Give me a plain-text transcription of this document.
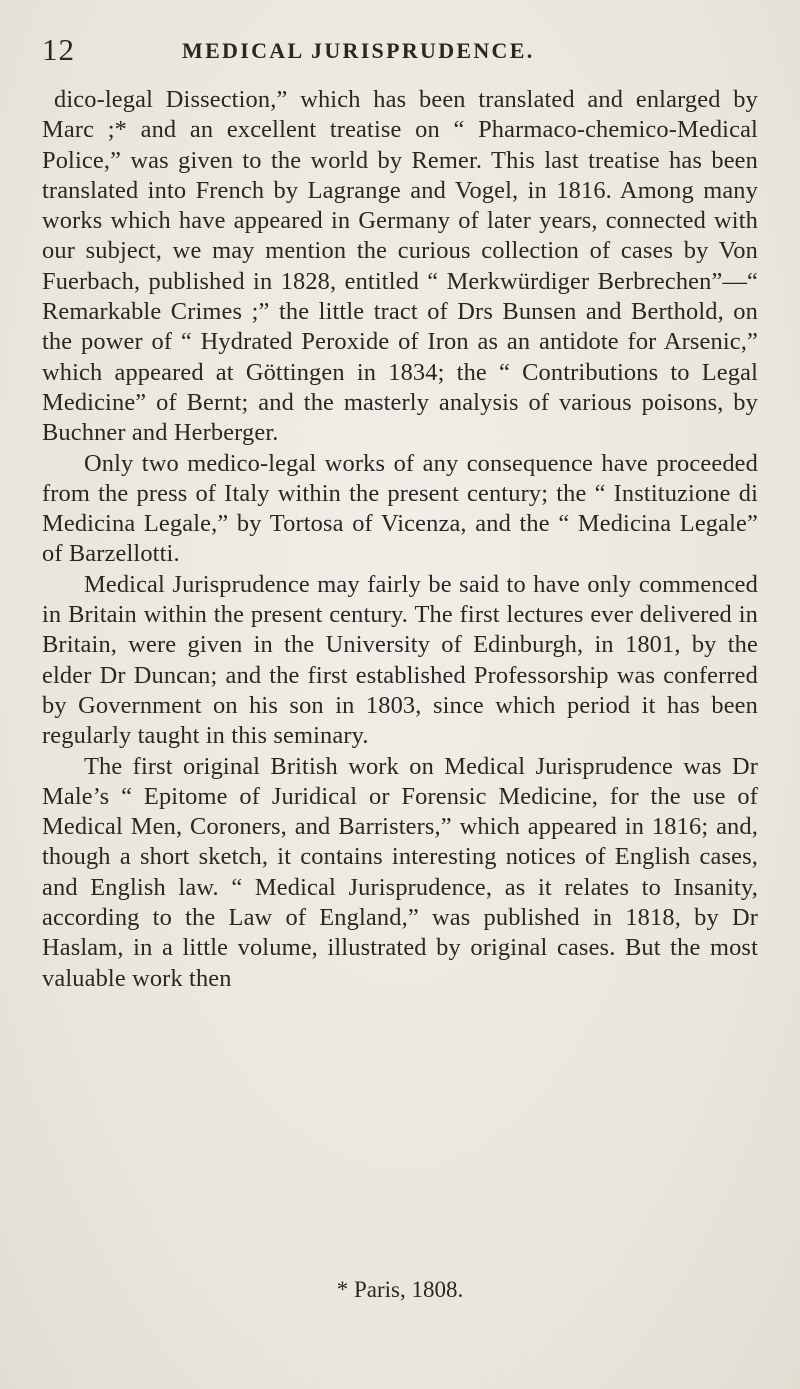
12	MEDICAL JURISPRUDENCE.

dico-legal Dissection,” which has been translated and enlarged by Marc ;* and an excellent treatise on “ Pharmaco-chemico-Medical Police,” was given to the world by Remer. This last treatise has been translated into French by Lagrange and Vogel, in 1816. Among many works which have appeared in Germany of later years, connected with our subject, we may mention the curious collection of cases by Von Fuerbach, published in 1828, entitled “ Merkwürdiger Berbrechen”—“ Remarkable Crimes ;” the little tract of Drs Bunsen and Berthold, on the power of “ Hydrated Peroxide of Iron as an antidote for Arsenic,” which appeared at Göttingen in 1834; the “ Contributions to Legal Medicine” of Bernt; and the masterly analysis of various poisons, by Buchner and Herberger.

Only two medico-legal works of any consequence have proceeded from the press of Italy within the present century; the “ Instituzione di Medicina Legale,” by Tortosa of Vicenza, and the “ Medicina Legale” of Barzellotti.

Medical Jurisprudence may fairly be said to have only commenced in Britain within the present century. The first lectures ever delivered in Britain, were given in the University of Edinburgh, in 1801, by the elder Dr Duncan; and the first established Professorship was conferred by Government on his son in 1803, since which period it has been regularly taught in this seminary.

The first original British work on Medical Jurisprudence was Dr Male’s “ Epitome of Juridical or Forensic Medicine, for the use of Medical Men, Coroners, and Barristers,” which appeared in 1816; and, though a short sketch, it contains interesting notices of English cases, and English law. “ Medical Jurisprudence, as it relates to Insanity, according to the Law of England,” was published in 1818, by Dr Haslam, in a little volume, illustrated by original cases. But the most valuable work then

* Paris, 1808.
